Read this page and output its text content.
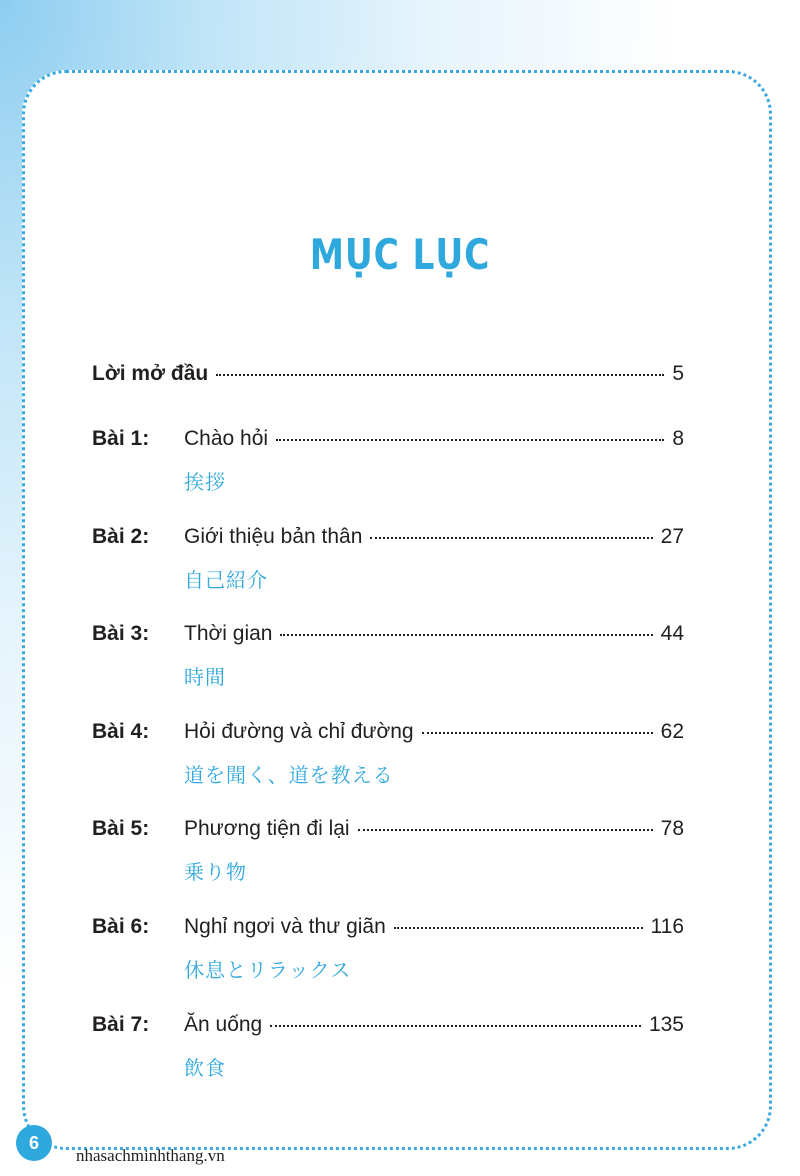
MỤC LỤC
Lời mở đầu	5
Bài 1:	Chào hỏi	8
挨拶
Bài 2:	Giới thiệu bản thân	27
自己紹介
Bài 3:	Thời gian	44
時間
Bài 4:	Hỏi đường và chỉ đường	62
道を聞く、道を教える
Bài 5:	Phương tiện đi lại	78
乗り物
Bài 6:	Nghỉ ngơi và thư giãn	116
休息とリラックス
Bài 7:	Ăn uống	135
飲食
6
nhasachminhthang.vn
